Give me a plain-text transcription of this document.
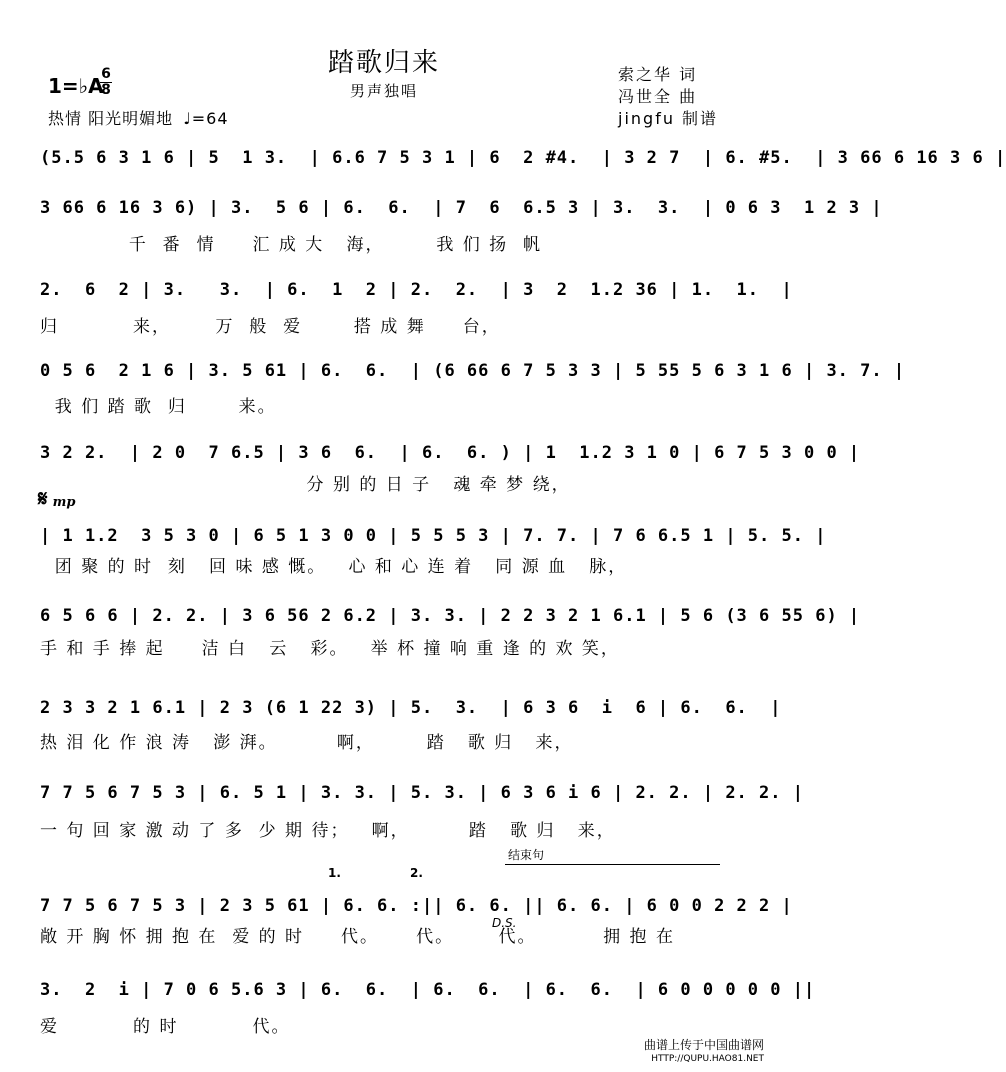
踏歌归来
男声独唱
索之华 词
冯世全 曲
jingfu 制谱
1=♭A
6
8
热情 阳光明媚地 ♩=64
(5.5 6 3 1 6 | 5  1 3.  | 6.6 7 5 3 1 | 6  2 #4.  | 3 2 7  | 6. #5.  | 3 66 6 16 3 6 |
3 66 6 16 3 6) | 3.  5 6 | 6.  6.  | 7  6  6.5 3 | 3.  3.  | 0 6 3  1 2 3 |
千  番  情     汇 成 大   海，       我 们 扬  帆
2.  6  2 | 3.   3.  | 6.  1  2 | 2.  2.  | 3  2  1.2 36 | 1.  1.  |
归          来，      万  般  爱       搭 成 舞     台，
0 5 6  2 1 6 | 3. 5 61 | 6.  6.  | (6 66 6 7 5 3 3 | 5 55 5 6 3 1 6 | 3. 7. |
我 们 踏 歌  归       来。
3 2 2.  | 2 0  7 6.5 | 3 6  6.  | 6.  6. ) | 1  1.2 3 1 0 | 6 7 5 3 0 0 |
分 别 的 日 子   魂 牵 梦 绕，
𝄋 mp
| 1 1.2  3 5 3 0 | 6 5 1 3 0 0 | 5 5 5 3 | 7. 7. | 7 6 6.5 1 | 5. 5. |
团 聚 的 时  刻   回 味 感 慨。   心 和 心 连 着   同 源 血   脉，
6 5 6 6 | 2. 2. | 3 6 56 2 6.2 | 3. 3. | 2 2 3 2 1 6.1 | 5 6 (3 6 55 6) |
手 和 手 捧 起     洁 白   云   彩。   举 杯 撞 响 重 逢 的 欢 笑，
2 3 3 2 1 6.1 | 2 3 (6 1 22 3) | 5.  3.  | 6 3 6  i  6 | 6.  6.  |
热 泪 化 作 浪 涛   澎 湃。        啊，       踏   歌 归   来，
7 7 5 6 7 5 3 | 6. 5 1 | 3. 3. | 5. 3. | 6 3 6 i 6 | 2. 2. | 2. 2. |
一 句 回 家 激 动 了 多  少 期 待；   啊，        踏   歌 归   来，
结束句
1.	2.
7 7 5 6 7 5 3 | 2 3 5 61 | 6. 6. :|| 6. 6. || 6. 6. | 6 0 0 2 2 2 |
D.S.
敞 开 胸 怀 拥 抱 在  爱 的 时     代。     代。      代。         拥 抱 在
3.  2  i | 7 0 6 5.6 3 | 6.  6.  | 6.  6.  | 6.  6.  | 6 0 0 0 0 0 ||
爱          的 时          代。
曲谱上传于中国曲谱网
HTTP://QUPU.HAO81.NET
